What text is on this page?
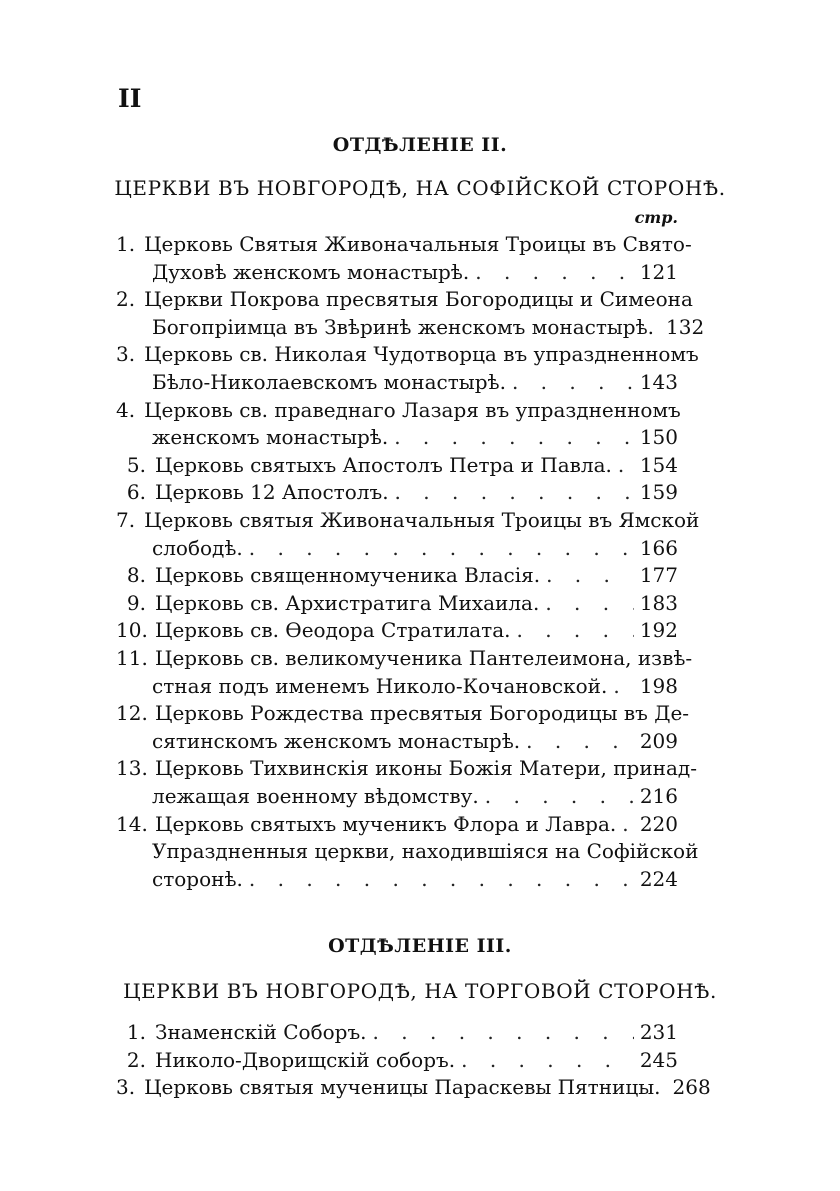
II
ОТДѢЛЕНІЕ II.
ЦЕРКВИ ВЪ НОВГОРОДѢ, НА СОФІЙСКОЙ СТОРОНѢ.
стр.
1. Церковь Святыя Живоначальныя Троицы въ Свято-
Духовѣ женскомъ монастырѣ. . . .	121
2. Церкви Покрова пресвятыя Богородицы и Симеона
Богопріимца въ Звѣринѣ женскомъ монастырѣ. 132
3. Церковь св. Николая Чудотворца въ упраздненномъ
Бѣло-Николаевскомъ монастырѣ. . . .	143
4. Церковь св. праведнаго Лазаря въ упраздненномъ
женскомъ монастырѣ. . . .	150
5. Церковь святыхъ Апостолъ Петра и Павла. . . . 154
6. Церковь 12 Апостолъ. . . .	159
7. Церковь святыя Живоначальныя Троицы въ Ямской
слободѣ. . . .	166
8. Церковь священномученика Власія. . . .	177
9. Церковь св. Архистратига Михаила. . . .	183
10. Церковь св. Ѳеодора Стратилата. . . .	192
11. Церковь св. великомученика Пантелеимона, извѣ-
стная подъ именемъ Николо-Кочановской. . . . 198
12. Церковь Рождества пресвятыя Богородицы въ Де-
сятинскомъ женскомъ монастырѣ. . . .	209
13. Церковь Тихвинскія иконы Божія Матери, принад-
лежащая военному вѣдомству. . . .	216
14. Церковь святыхъ мученикъ Флора и Лавра. . . . 220
Упраздненныя церкви, находившіяся на Софійской
сторонѣ. . . .	224
ОТДѢЛЕНІЕ III.
ЦЕРКВИ ВЪ НОВГОРОДѢ, НА ТОРГОВОЙ СТОРОНѢ.
1. Знаменскій Соборъ. . . .	231
2. Николо-Дворищскій соборъ. . . .	245
3. Церковь святыя мученицы Параскевы Пятницы. 268
